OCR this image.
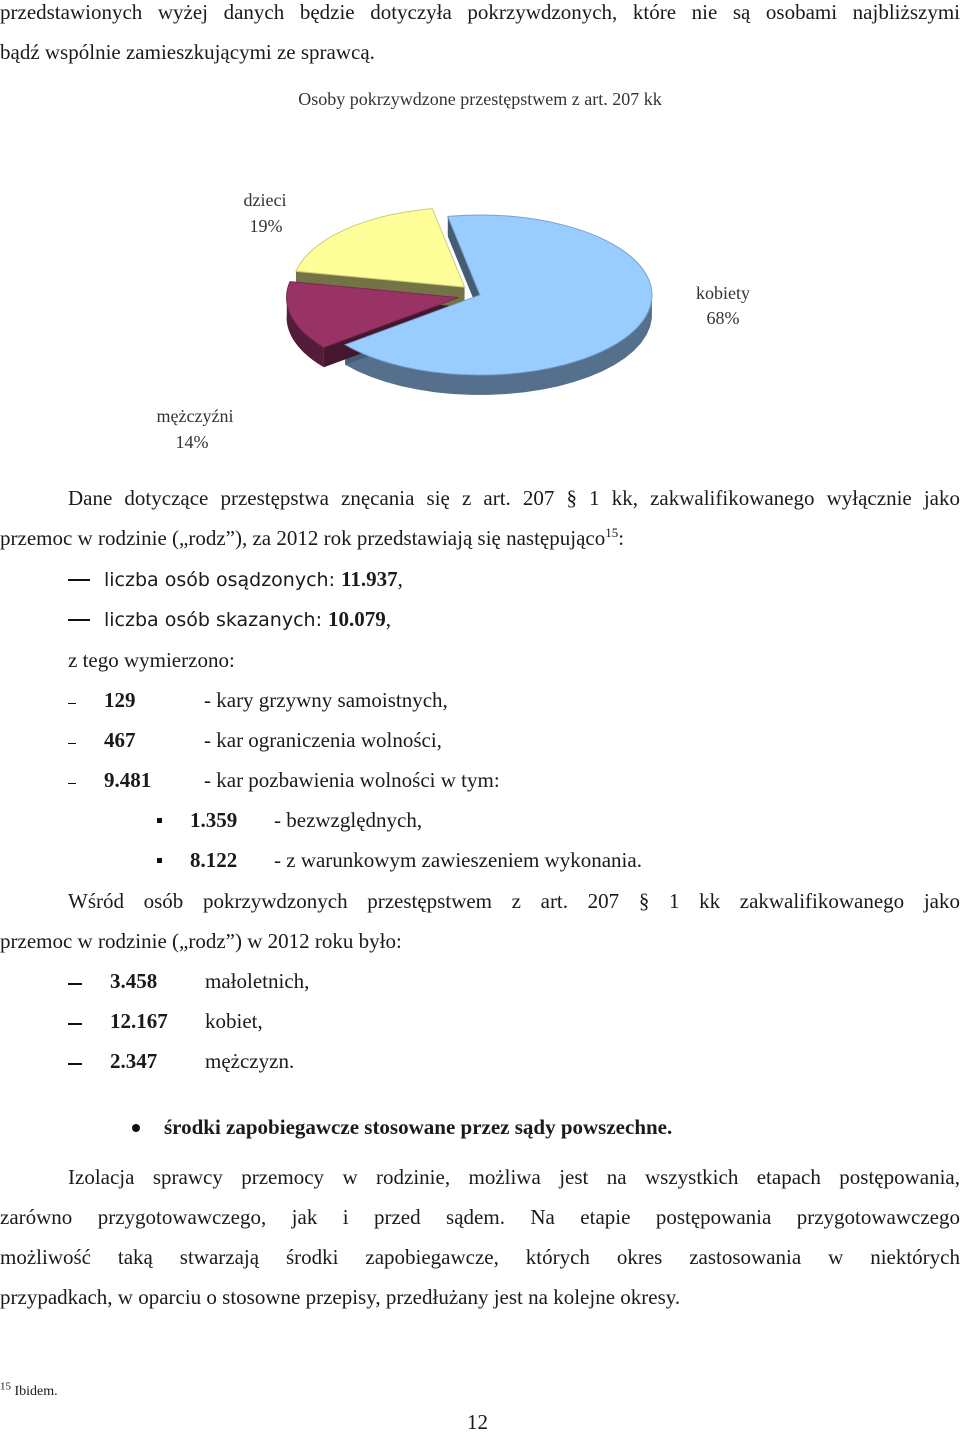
przedstawionych wyżej danych będzie dotyczyła pokrzywdzonych, które nie są osobami najbliższymi
bądź wspólnie zamieszkującymi ze sprawcą.
Osoby pokrzywdzone przestępstwem z art. 207 kk
dzieci
19%
kobiety
68%
mężczyźni
14%
Dane dotyczące przestępstwa znęcania się z art. 207 § 1 kk, zakwalifikowanego wyłącznie jako
przemoc w rodzinie („rodz”), za 2012 rok przedstawiają się następująco$^{15}$:
liczba osób osądzonych: 11.937,
liczba osób skazanych: 10.079,
z tego wymierzono:
129	- kary grzywny samoistnych,
467	- kar ograniczenia wolności,
9.481	- kar pozbawienia wolności w tym:
1.359 - bezwzględnych,
8.122 - z warunkowym zawieszeniem wykonania.
Wśród osób pokrzywdzonych przestępstwem z art. 207 § 1 kk zakwalifikowanego jako
przemoc w rodzinie („rodz”) w 2012 roku było:
3.458 małoletnich,
12.167 kobiet,
2.347 mężczyzn.
środki zapobiegawcze stosowane przez sądy powszechne.
Izolacja sprawcy przemocy w rodzinie, możliwa jest na wszystkich etapach postępowania,
zarówno przygotowawczego, jak i przed sądem. Na etapie postępowania przygotowawczego
możliwość taką stwarzają środki zapobiegawcze, których okres zastosowania w niektórych
przypadkach, w oparciu o stosowne przepisy, przedłużany jest na kolejne okresy.
$^{15}$ Ibidem.
12
